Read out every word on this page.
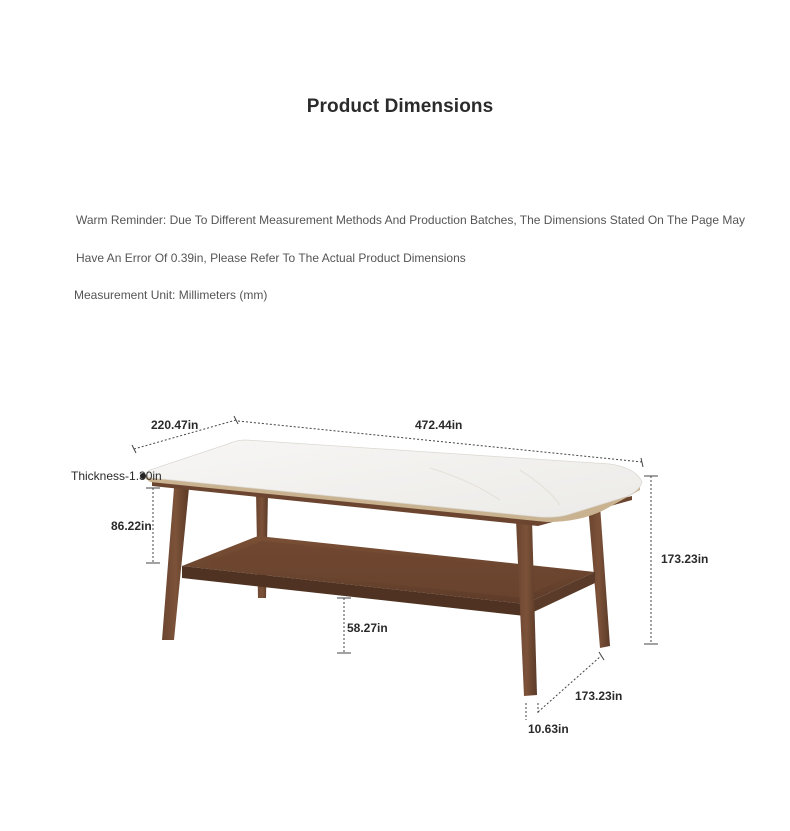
Product Dimensions
Warm Reminder: Due To Different Measurement Methods And Production Batches, The Dimensions Stated On The Page May
Have An Error Of 0.39in, Please Refer To The Actual Product Dimensions
Measurement Unit: Millimeters (mm)
220.47in	472.44in
Thickness-1.30in
86.22in
173.23in
58.27in
173.23in
10.63in
